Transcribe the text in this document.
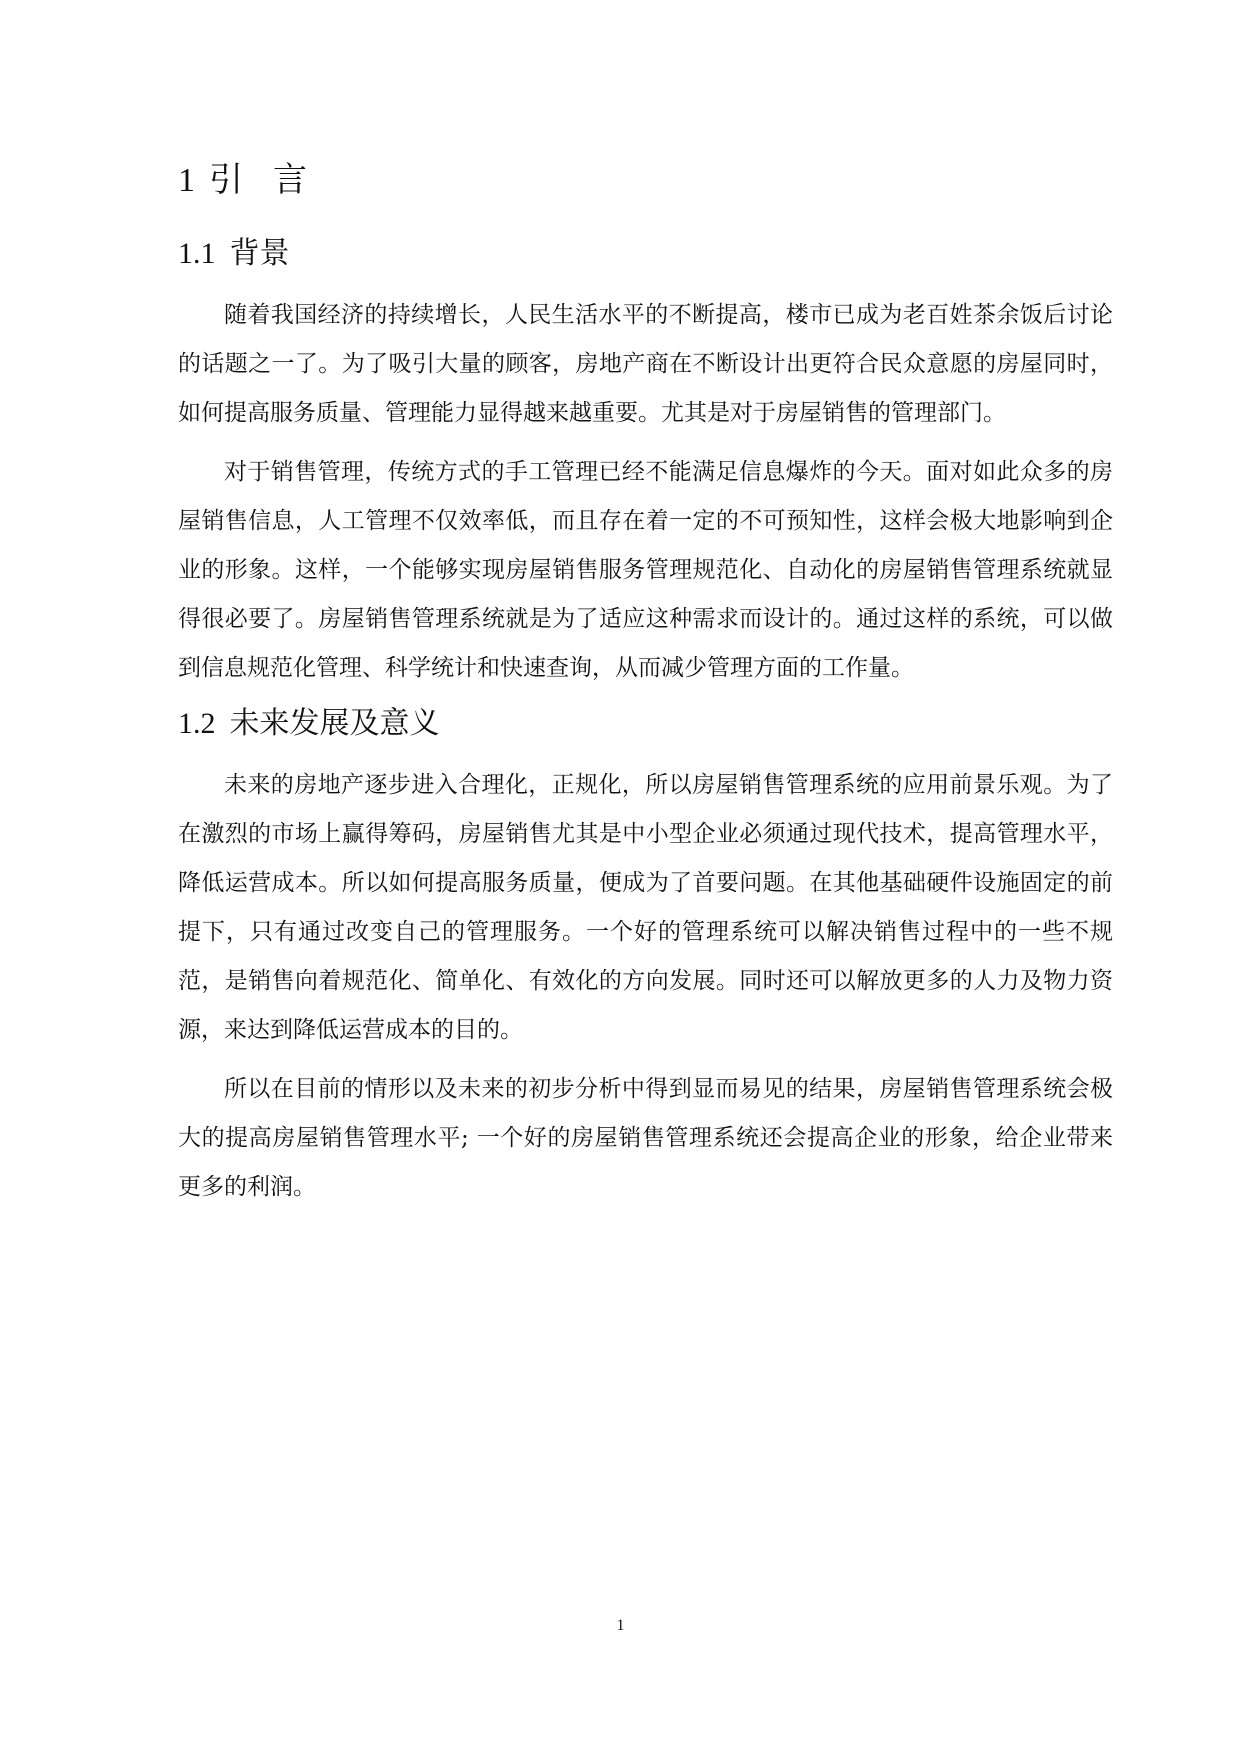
1 引言
1.1 背景

随着我国经济的持续增长，人民生活水平的不断提高，楼市已成为老百姓茶余饭后讨论的话题之一了。为了吸引大量的顾客，房地产商在不断设计出更符合民众意愿的房屋同时，如何提高服务质量、管理能力显得越来越重要。尤其是对于房屋销售的管理部门。

对于销售管理，传统方式的手工管理已经不能满足信息爆炸的今天。面对如此众多的房屋销售信息，人工管理不仅效率低，而且存在着一定的不可预知性，这样会极大地影响到企业的形象。这样，一个能够实现房屋销售服务管理规范化、自动化的房屋销售管理系统就显得很必要了。房屋销售管理系统就是为了适应这种需求而设计的。通过这样的系统，可以做到信息规范化管理、科学统计和快速查询，从而减少管理方面的工作量。

1.2 未来发展及意义

未来的房地产逐步进入合理化，正规化，所以房屋销售管理系统的应用前景乐观。为了在激烈的市场上赢得筹码，房屋销售尤其是中小型企业必须通过现代技术，提高管理水平，降低运营成本。所以如何提高服务质量，便成为了首要问题。在其他基础硬件设施固定的前提下，只有通过改变自己的管理服务。一个好的管理系统可以解决销售过程中的一些不规范，是销售向着规范化、简单化、有效化的方向发展。同时还可以解放更多的人力及物力资源，来达到降低运营成本的目的。

所以在目前的情形以及未来的初步分析中得到显而易见的结果，房屋销售管理系统会极大的提高房屋销售管理水平; 一个好的房屋销售管理系统还会提高企业的形象，给企业带来更多的利润。

1
